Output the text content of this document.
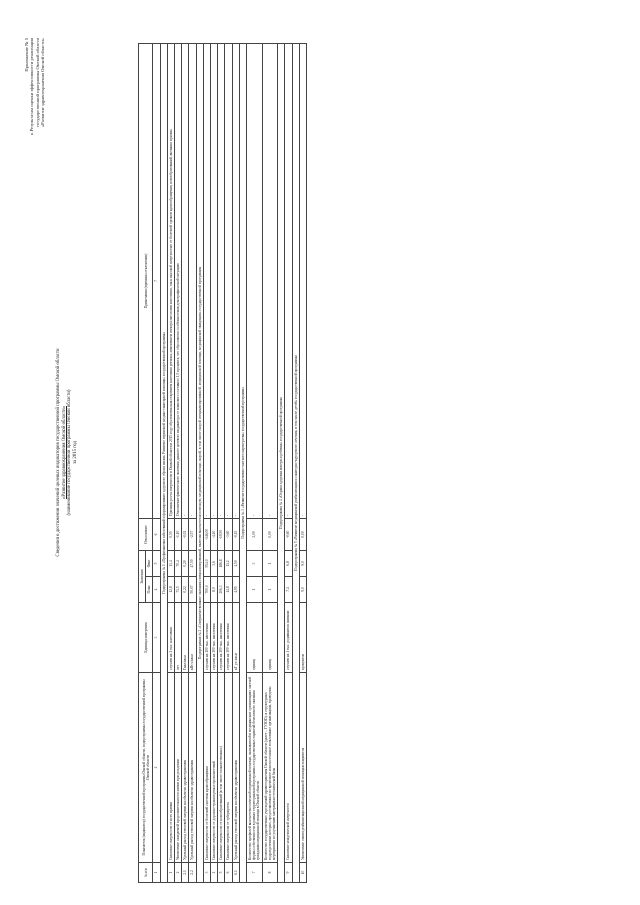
Приложение № 5 к Результатам оценки эффективности реализации государственной программы Омской области «Развитие здравоохранения Омской области»
Сведения о достижении значений целевых индикаторов государственной программы Омской области «Развитие здравоохранения Омской области» (наименование государственной программы Омской области) за 2015 год
№ п/п	Показатель (индикатор) государственной программы Омской области, подпрограммы государственной программы Омской области	Единица измерения	Значения		Отклонение	Примечания (причины отклонения)
			План	Факт		
1	2	3	4	5	6	7
Подпрограмма № 1 «Профилактика заболеваний и формирование здорового образа жизни. Развитие первичной медико-санитарной помощи» государственной программы						
1	Снижение смертности от всех причин	случаев на 1 тыс. населения	12,8	13,4	0,55	Причины роста смертности в Омской области в 2015 году обусловлены как старением населения региона, изменением спектра патологии населения, так и высокой смертностью от болезней органов кровообращения, новообразований, внешних причин.
2	Увеличение ожидаемой продолжительности жизни при рождении	лет	71,5	70,4	-1,10	Отклонение фактического значения данного целевого индикатора от планового составило 1,5 процента, что обусловлено особенностями демографической ситуации
2.1	Удельный расход тепловой энергии на объектах здравоохранения	Гкал/кв.м	0,22	0,20	-0,02	-
2.2	Удельный расход тепловой энергии на объектах здравоохранения	кВт.ч/кв.м	50,07	47,50	-2,57	-
Подпрограмма № 2 «Совершенствование оказания специализированной, включая высокотехнологичную, медицинской помощи, скорой, в том числе скорой специализированной, медицинской помощи, медицинской эвакуации» государственной программы						
3	Снижение смертности от болезней системы кровообращения	случаев на 100 тыс. населения	700,0	554,0	-146,00	-
4	Снижение смертности от дорожно-транспортных происшествий	случаев на 100 тыс. населения	8,0	3,6	-4,40	-
5	Снижение смертности от новообразований (в том числе злокачественных)	случаев на 100 тыс. населения	206,3	186,8	-19,50	-
6	Снижение смертности от туберкулеза	случаев на 100 тыс. населения	14,8	11,2	-3,60	-
6.1	Удельный расход тепловой энергии на объектах здравоохранения	кГ у.т./кв.м	4,95	4,50	-0,45	-
Подпрограмма № 3 «Развитие государственно-частного партнерства» государственной программы						
7	Количество профилей высокотехнологичной медицинской помощи, оказываемой в медицинских организациях частной формы собственности в рамках территориальной программы государственных гарантий бесплатного оказания гражданам медицинской помощи в Омской области	единиц	1	3	2,00	-
8	Количество государственных учреждений здравоохранения Омской области (далее – ГУЗОО), в структурных подразделениях которых, предоставленных во временное или постоянное пользование организациям, проведены мероприятия по улучшению материально-технической базы	единиц	1	1	0,00	-
Подпрограмма № 4 «Охрана здоровья матери и ребенка» государственной программы						
9	Снижение младенческой смертности	случаев на 1 тыс. родившихся живыми	7,4	6,8	-0,60	-
Подпрограмма № 5 «Развитие медицинской реабилитации и санаторно-курортного лечения, в том числе детей» государственной программы						
10	Увеличение охвата реабилитационной медицинской помощью пациентов	процентов	9,0	9,0	0,00	-
